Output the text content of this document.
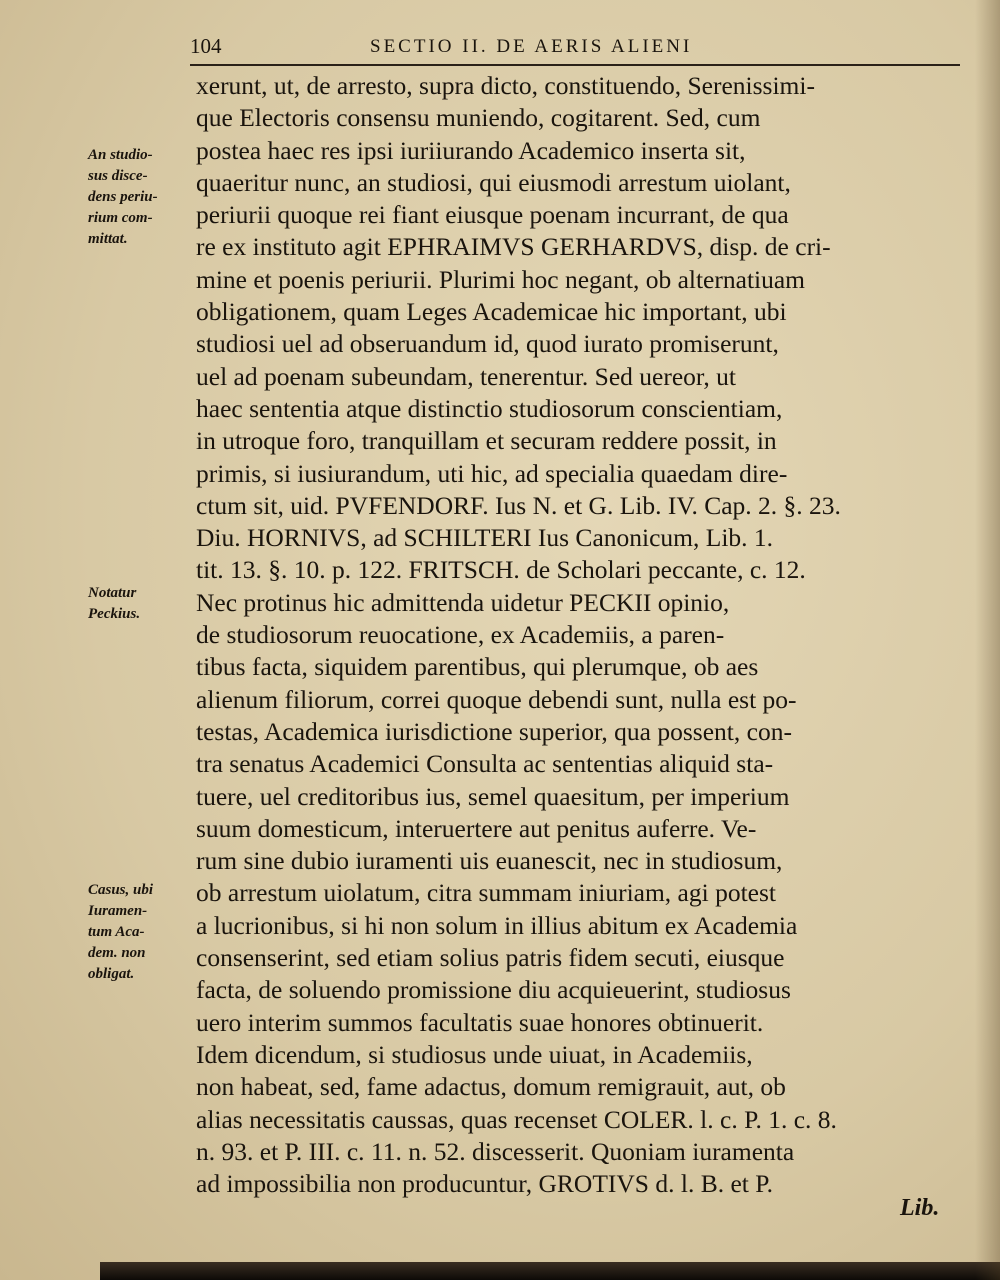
104	SECTIO II. DE AERIS ALIENI
An studio-
sus disce-
dens periu-
rium com-
mittat.
Notatur
Peckius.
Casus, ubi
Iuramen-
tum Aca-
dem. non
obligat.
xerunt, ut, de arresto, supra dicto, constituendo, Serenissimi-
que Electoris consensu muniendo, cogitarent. Sed, cum
postea haec res ipsi iuriiurando Academico inserta sit,
quaeritur nunc, an studiosi, qui eiusmodi arrestum uiolant,
periurii quoque rei fiant eiusque poenam incurrant, de qua
re ex instituto agit EPHRAIMVS GERHARDVS, disp. de cri-
mine et poenis periurii. Plurimi hoc negant, ob alternatiuam
obligationem, quam Leges Academicae hic important, ubi
studiosi uel ad obseruandum id, quod iurato promiserunt,
uel ad poenam subeundam, tenerentur. Sed uereor, ut
haec sententia atque distinctio studiosorum conscientiam,
in utroque foro, tranquillam et securam reddere possit, in
primis, si iusiurandum, uti hic, ad specialia quaedam dire-
ctum sit, uid. PVFENDORF. Ius N. et G. Lib. IV. Cap. 2. §. 23.
Diu. HORNIVS, ad SCHILTERI Ius Canonicum, Lib. 1.
tit. 13. §. 10. p. 122. FRITSCH. de Scholari peccante, c. 12.
Nec protinus hic admittenda uidetur PECKII opinio,
de studiosorum reuocatione, ex Academiis, a paren-
tibus facta, siquidem parentibus, qui plerumque, ob aes
alienum filiorum, correi quoque debendi sunt, nulla est po-
testas, Academica iurisdictione superior, qua possent, con-
tra senatus Academici Consulta ac sententias aliquid sta-
tuere, uel creditoribus ius, semel quaesitum, per imperium
suum domesticum, interuertere aut penitus auferre. Ve-
rum sine dubio iuramenti uis euanescit, nec in studiosum,
ob arrestum uiolatum, citra summam iniuriam, agi potest
a lucrionibus, si hi non solum in illius abitum ex Academia
consenserint, sed etiam solius patris fidem secuti, eiusque
facta, de soluendo promissione diu acquieuerint, studiosus
uero interim summos facultatis suae honores obtinuerit.
Idem dicendum, si studiosus unde uiuat, in Academiis,
non habeat, sed, fame adactus, domum remigrauit, aut, ob
alias necessitatis caussas, quas recenset COLER. l. c. P. 1. c. 8.
n. 93. et P. III. c. 11. n. 52. discesserit. Quoniam iuramenta
ad impossibilia non producuntur, GROTIVS d. l. B. et P.
Lib.
